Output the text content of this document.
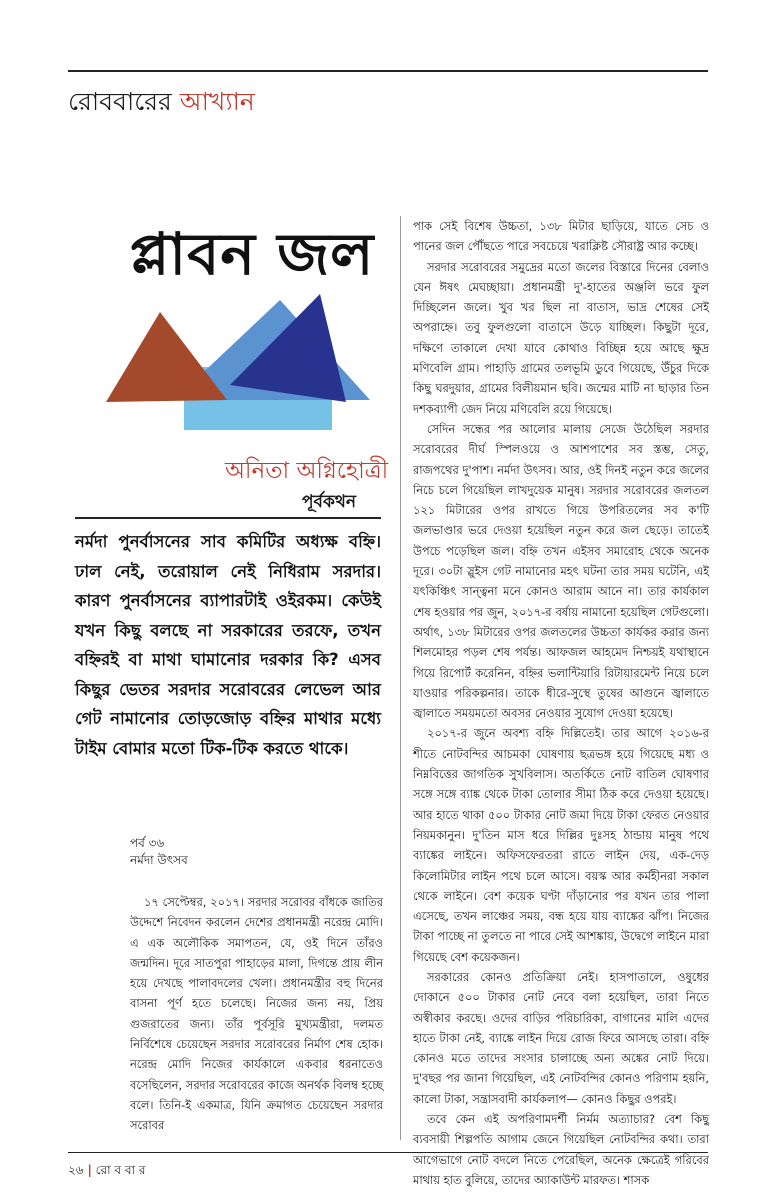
রোববারের আখ্যান
প্লাবন জল
অনিতা অগ্নিহোত্রী
পূর্বকথন
নর্মদা পুনর্বাসনের সাব কমিটির অধ্যক্ষ বহ্নি। ঢাল নেই, তরোয়াল নেই নিধিরাম সরদার। কারণ পুনর্বাসনের ব্যাপারটাই ওইরকম। কেউই যখন কিছু বলছে না সরকারের তরফে, তখন বহ্নিরই বা মাথা ঘামানোর দরকার কি? এসব কিছুর ভেতর সরদার সরোবরের লেভেল আর গেট নামানোর তোড়জোড় বহ্নির মাথার মধ্যে টাইম বোমার মতো টিক-টিক করতে থাকে।
পর্ব ৩৬
নর্মদা উৎসব

১৭ সেপ্টেম্বর, ২০১৭। সরদার সরোবর বাঁধকে জাতির উদ্দেশে নিবেদন করলেন দেশের প্রধানমন্ত্রী নরেন্দ্র মোদি। এ এক অলৌকিক সমাপতন, যে, ওই দিনে তাঁরও জন্মদিন। দূরে সাতপুরা পাহাড়ের মালা, দিগন্তে প্রায় লীন হয়ে দেখছে পালাবদলের খেলা। প্রধানমন্ত্রীর বহু দিনের বাসনা পূর্ণ হতে চলেছে। নিজের জন্য নয়, প্রিয় গুজরাতের জন্য। তাঁর পূর্বসূরি মুখ্যমন্ত্রীরা, দলমত নির্বিশেষে চেয়েছেন সরদার সরোবরের নির্মাণ শেষ হোক। নরেন্দ্র মোদি নিজের কার্যকালে একবার ধরনাতেও বসেছিলেন, সরদার সরোবরের কাজে অনর্থক বিলম্ব হচ্ছে বলে। তিনি-ই একমাত্র, যিনি ক্রমাগত চেয়েছেন সরদার সরোবর

পাক সেই বিশেষ উচ্চতা, ১৩৮ মিটার ছাড়িয়ে, যাতে সেচ ও পানের জল পৌঁছতে পারে সবচেয়ে খরাক্লিষ্ট সৌরাষ্ট্র আর কচ্ছে।

সরদার সরোবরের সমুদ্রের মতো জলের বিস্তারে দিনের বেলাও যেন ঈষৎ মেঘচ্ছায়া। প্রধানমন্ত্রী দু'-হাতের অঞ্জলি ভরে ফুল দিচ্ছিলেন জলে। খুব খর ছিল না বাতাস, ভাদ্র শেষের সেই অপরাহ্নে। তবু ফুলগুলো বাতাসে উড়ে যাচ্ছিল। কিছুটা দূরে, দক্ষিণে তাকালে দেখা যাবে কোথাও বিচ্ছিন্ন হয়ে আছে ক্ষুদ্র মণিবেলি গ্রাম। পাহাড়ি গ্রামের তলভূমি ডুবে গিয়েছে, উঁচুর দিকে কিছু ঘরদুয়ার, গ্রামের বিলীয়মান ছবি। জন্মের মাটি না ছাড়ার তিন দশকব্যাপী জেদ নিয়ে মণিবেলি রয়ে গিয়েছে।

সেদিন সন্ধের পর আলোর মালায় সেজে উঠেছিল সরদার সরোবরের দীর্ঘ স্পিলওয়ে ও আশপাশের সব স্তম্ভ, সেতু, রাজপথের দু'পাশ। নর্মদা উৎসব। আর, ওই দিনই নতুন করে জলের নিচে চলে গিয়েছিল লাখদুয়েক মানুষ। সরদার সরোবরের জলতল ১২১ মিটারের ওপর রাখতে গিয়ে উপরিতলের সব ক'টি জলভাণ্ডার ভরে দেওয়া হয়েছিল নতুন করে জল ছেড়ে। তাতেই উপচে পড়েছিল জল। বহ্নি তখন এইসব সমারোহ থেকে অনেক দূরে। ৩০টা স্লুইস গেট নামানোর মহৎ ঘটনা তার সময় ঘটেনি, এই যৎকিঞ্চিৎ সান্ত্বনা মনে কোনও আরাম আনে না। তার কার্যকাল শেষ হওয়ার পর জুন, ২০১৭-র বর্ষায় নামানো হয়েছিল গেটগুলো। অর্থাৎ, ১৩৮ মিটারের ওপর জলতলের উচ্চতা কার্যকর করার জন্য শিলমোহর পড়ল শেষ পর্যন্ত। আফজল আহমেদ নিশ্চয়ই যথাস্থানে গিয়ে রিপোর্ট করেনিন, বহ্নির ভলান্টিয়ারি রিটায়ারমেন্ট নিয়ে চলে যাওয়ার পরিকল্পনার। তাকে ধীরে-সুস্থে তুষের আগুনে জ্বালাতে জ্বালাতে সময়মতো অবসর নেওয়ার সুযোগ দেওয়া হয়েছে।

২০১৭-র জুনে অবশ্য বহ্নি দিল্লিতেই। তার আগে ২০১৬-র শীতে নোটবন্দির আচমকা ঘোষণায় ছত্রভঙ্গ হয়ে গিয়েছে মধ্য ও নিম্নবিত্তের জাগতিক সুখবিলাস। অতর্কিতে নোট বাতিল ঘোষণার সঙ্গে সঙ্গে ব্যাঙ্ক থেকে টাকা তোলার সীমা ঠিক করে দেওয়া হয়েছে। আর হাতে থাকা ৫০০ টাকার নোট জমা দিয়ে টাকা ফেরত নেওয়ার নিয়মকানুন। দু'তিন মাস ধরে দিল্লির দুঃসহ ঠান্ডায় মানুষ পথে ব্যাঙ্কের লাইনে। অফিসফেরতরা রাতে লাইন দেয়, এক-দেড় কিলোমিটার লাইন পথে চলে আসে। বয়স্ক আর কর্মহীনরা সকাল থেকে লাইনে। বেশ কয়েক ঘণ্টা দাঁড়ানোর পর যখন তার পালা এসেছে, তখন লাঞ্চের সময়, বন্ধ হয়ে যায় ব্যাঙ্কের ঝাঁপ। নিজের টাকা পাচ্ছে না তুলতে না পারে সেই আশঙ্কায়, উদ্বেগে লাইনে মারা গিয়েছে বেশ কয়েকজন।

সরকারের কোনও প্রতিক্রিয়া নেই। হাসপাতালে, ওষুধের দোকানে ৫০০ টাকার নোট নেবে বলা হয়েছিল, তারা নিতে অস্বীকার করছে। ওদের বাড়ির পরিচারিকা, বাগানের মালি এদের হাতে টাকা নেই, ব্যাঙ্কে লাইন দিয়ে রোজ ফিরে আসছে তারা। বহ্নি কোনও মতে তাদের সংসার চালাচ্ছে অন্য অঙ্কের নোট দিয়ে। দু'বছর পর জানা গিয়েছিল, এই নোটবন্দির কোনও পরিণাম হয়নি, কালো টাকা, সন্ত্রাসবাদী কার্যকলাপ— কোনও কিছুর ওপরই।

তবে কেন এই অপরিণামদর্শী নির্মম অত্যাচার? বেশ কিছু ব্যবসায়ী শিল্পপতি আগাম জেনে গিয়েছিল নোটবন্দির কথা। তারা আগেভাগে নোট বদলে নিতে পেরেছিল, অনেক ক্ষেত্রেই গরিবের মাথায় হাত বুলিয়ে, তাদের অ্যাকাউন্ট মারফত। শাসক

২৬ | রো ব বা র
